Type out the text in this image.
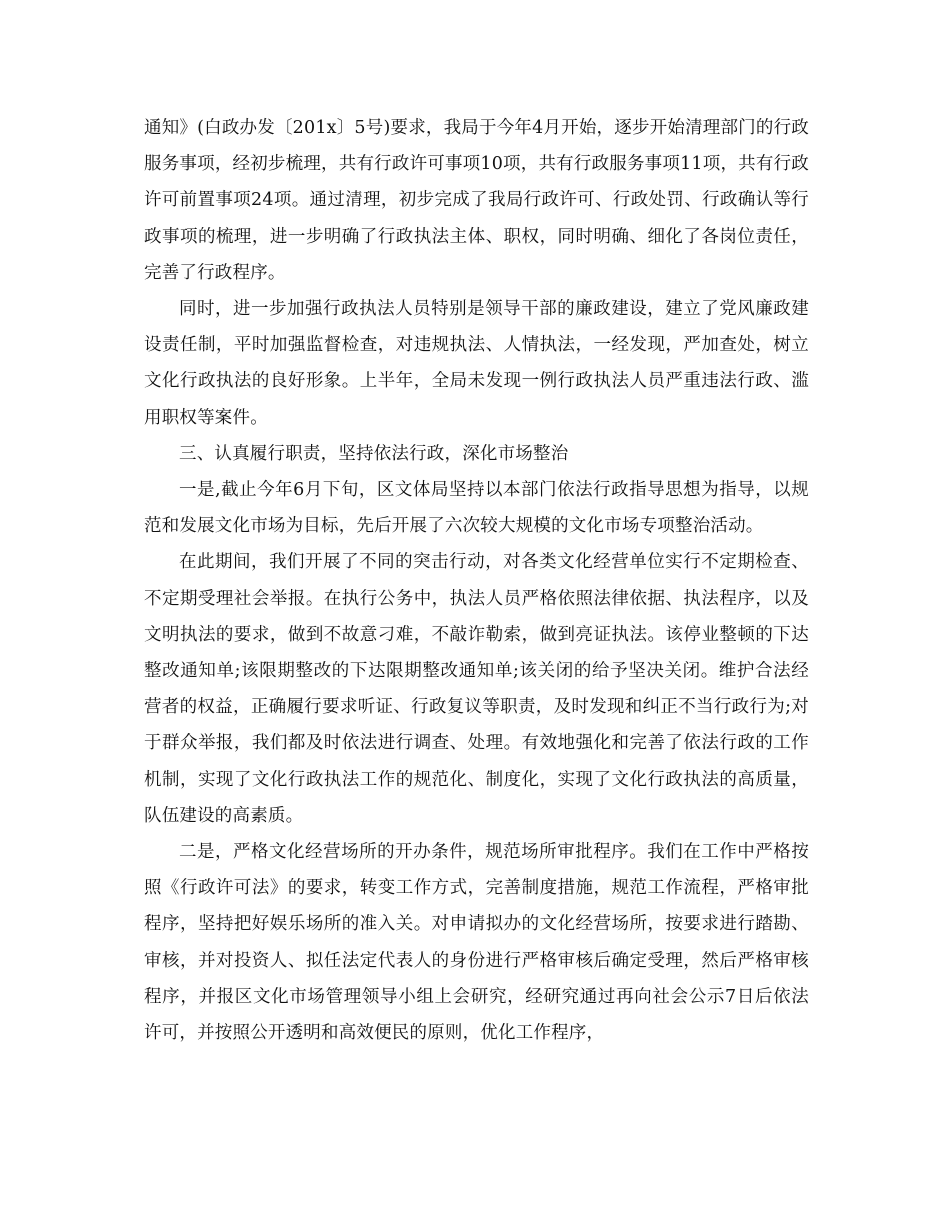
通知》(白政办发〔201x〕5号)要求，我局于今年4月开始，逐步开始清理部门的行政服务事项，经初步梳理，共有行政许可事项10项，共有行政服务事项11项，共有行政许可前置事项24项。通过清理，初步完成了我局行政许可、行政处罚、行政确认等行政事项的梳理，进一步明确了行政执法主体、职权，同时明确、细化了各岗位责任，完善了行政程序。

同时，进一步加强行政执法人员特别是领导干部的廉政建设，建立了党风廉政建设责任制，平时加强监督检查，对违规执法、人情执法，一经发现，严加查处，树立文化行政执法的良好形象。上半年，全局未发现一例行政执法人员严重违法行政、滥用职权等案件。

三、认真履行职责，坚持依法行政，深化市场整治

一是,截止今年6月下旬，区文体局坚持以本部门依法行政指导思想为指导，以规范和发展文化市场为目标，先后开展了六次较大规模的文化市场专项整治活动。

在此期间，我们开展了不同的突击行动，对各类文化经营单位实行不定期检查、不定期受理社会举报。在执行公务中，执法人员严格依照法律依据、执法程序，以及文明执法的要求，做到不故意刁难，不敲诈勒索，做到亮证执法。该停业整顿的下达整改通知单;该限期整改的下达限期整改通知单;该关闭的给予坚决关闭。维护合法经营者的权益，正确履行要求听证、行政复议等职责，及时发现和纠正不当行政行为;对于群众举报，我们都及时依法进行调查、处理。有效地强化和完善了依法行政的工作机制，实现了文化行政执法工作的规范化、制度化，实现了文化行政执法的高质量，队伍建设的高素质。

二是，严格文化经营场所的开办条件，规范场所审批程序。我们在工作中严格按照《行政许可法》的要求，转变工作方式，完善制度措施，规范工作流程，严格审批程序，坚持把好娱乐场所的准入关。对申请拟办的文化经营场所，按要求进行踏勘、审核，并对投资人、拟任法定代表人的身份进行严格审核后确定受理，然后严格审核程序，并报区文化市场管理领导小组上会研究，经研究通过再向社会公示7日后依法许可，并按照公开透明和高效便民的原则，优化工作程序，
